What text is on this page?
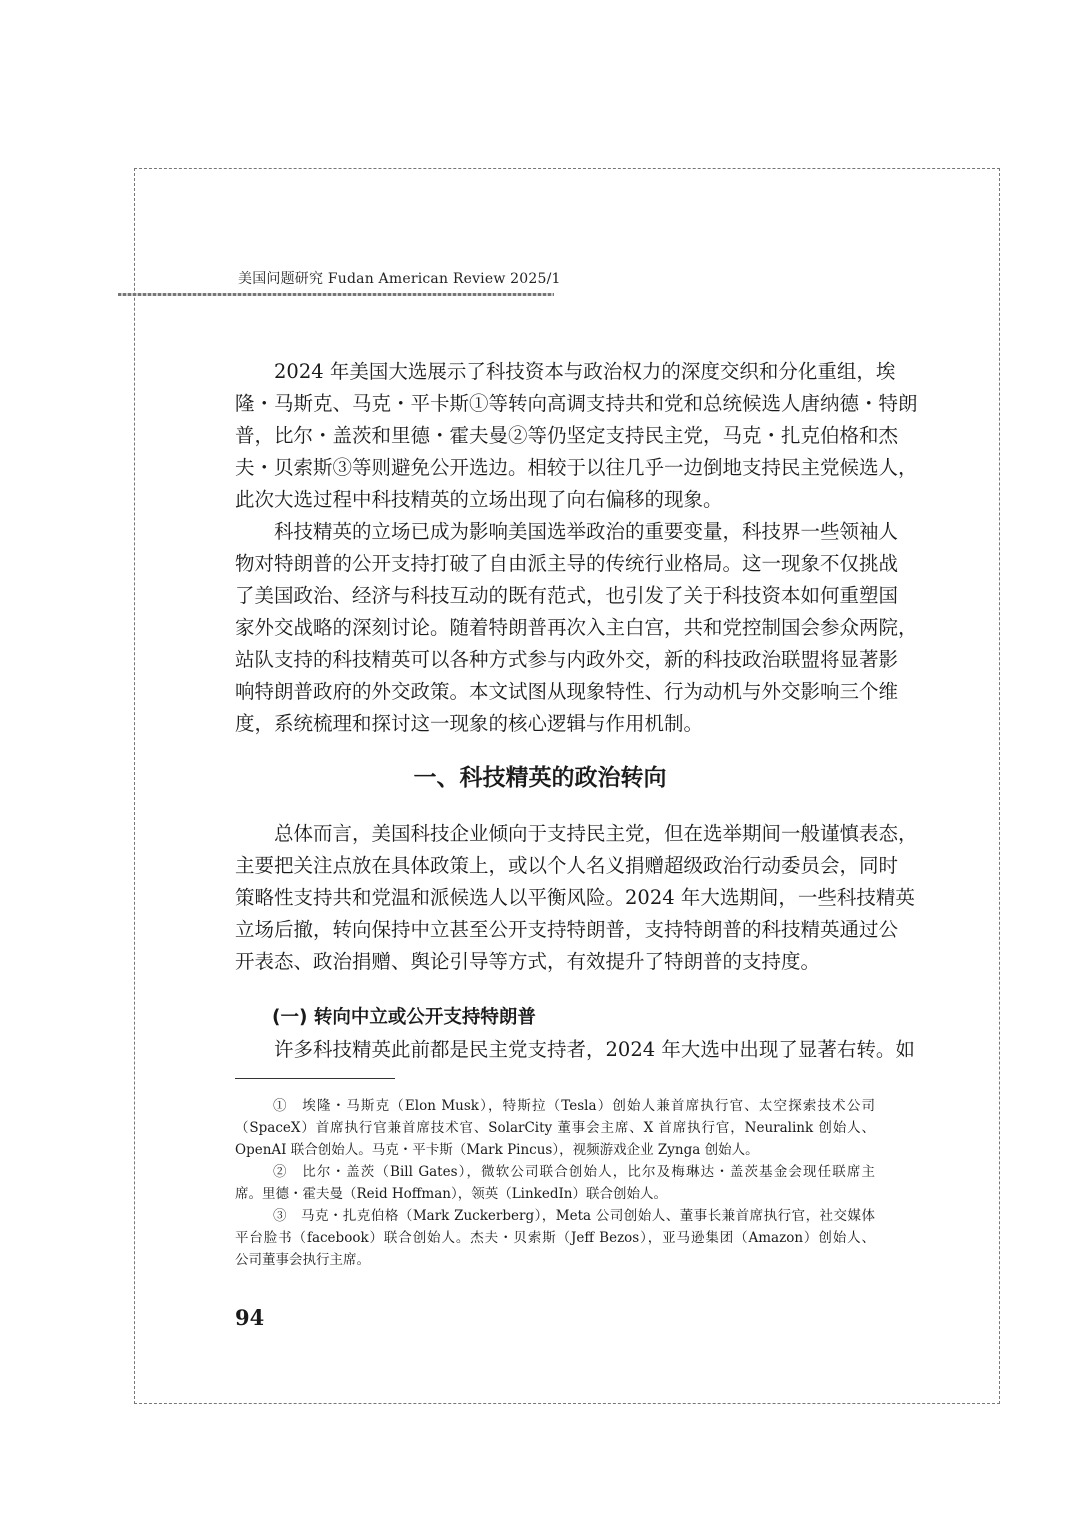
美国问题研究 Fudan American Review 2025/1
2024 年美国大选展示了科技资本与政治权力的深度交织和分化重组，埃
隆・马斯克、马克・平卡斯①等转向高调支持共和党和总统候选人唐纳德・特朗
普，比尔・盖茨和里德・霍夫曼②等仍坚定支持民主党，马克・扎克伯格和杰
夫・贝索斯③等则避免公开选边。相较于以往几乎一边倒地支持民主党候选人，
此次大选过程中科技精英的立场出现了向右偏移的现象。
科技精英的立场已成为影响美国选举政治的重要变量，科技界一些领袖人
物对特朗普的公开支持打破了自由派主导的传统行业格局。这一现象不仅挑战
了美国政治、经济与科技互动的既有范式，也引发了关于科技资本如何重塑国
家外交战略的深刻讨论。随着特朗普再次入主白宫，共和党控制国会参众两院，
站队支持的科技精英可以各种方式参与内政外交，新的科技政治联盟将显著影
响特朗普政府的外交政策。本文试图从现象特性、行为动机与外交影响三个维
度，系统梳理和探讨这一现象的核心逻辑与作用机制。
一、科技精英的政治转向
总体而言，美国科技企业倾向于支持民主党，但在选举期间一般谨慎表态，
主要把关注点放在具体政策上，或以个人名义捐赠超级政治行动委员会，同时
策略性支持共和党温和派候选人以平衡风险。2024 年大选期间，一些科技精英
立场后撤，转向保持中立甚至公开支持特朗普，支持特朗普的科技精英通过公
开表态、政治捐赠、舆论引导等方式，有效提升了特朗普的支持度。
(一) 转向中立或公开支持特朗普
许多科技精英此前都是民主党支持者，2024 年大选中出现了显著右转。如
①　埃隆・马斯克（Elon Musk），特斯拉（Tesla）创始人兼首席执行官、太空探索技术公司
（SpaceX）首席执行官兼首席技术官、SolarCity 董事会主席、X 首席执行官，Neuralink 创始人、
OpenAI 联合创始人。马克・平卡斯（Mark Pincus），视频游戏企业 Zynga 创始人。
②　比尔・盖茨（Bill Gates），微软公司联合创始人，比尔及梅琳达・盖茨基金会现任联席主
席。里德・霍夫曼（Reid Hoffman），领英（LinkedIn）联合创始人。
③　马克・扎克伯格（Mark Zuckerberg），Meta 公司创始人、董事长兼首席执行官，社交媒体
平台脸书（facebook）联合创始人。杰夫・贝索斯（Jeff Bezos），亚马逊集团（Amazon）创始人、
公司董事会执行主席。
94
